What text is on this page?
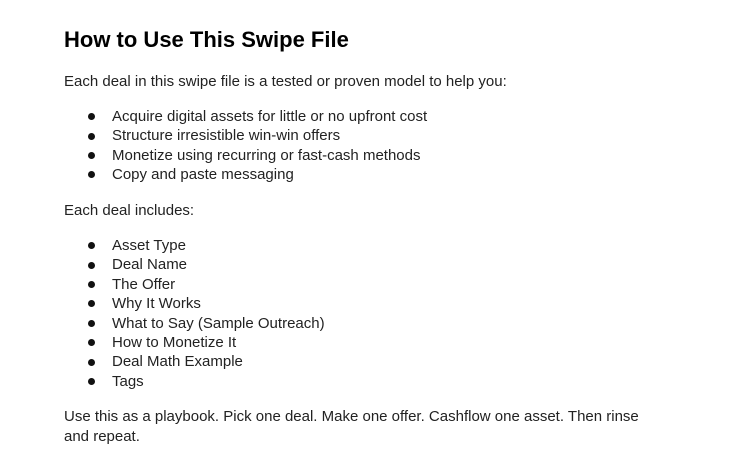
How to Use This Swipe File

Each deal in this swipe file is a tested or proven model to help you:

Acquire digital assets for little or no upfront cost
Structure irresistible win-win offers
Monetize using recurring or fast-cash methods
Copy and paste messaging

Each deal includes:

Asset Type
Deal Name
The Offer
Why It Works
What to Say (Sample Outreach)
How to Monetize It
Deal Math Example
Tags

Use this as a playbook. Pick one deal. Make one offer. Cashflow one asset. Then rinse and repeat.
